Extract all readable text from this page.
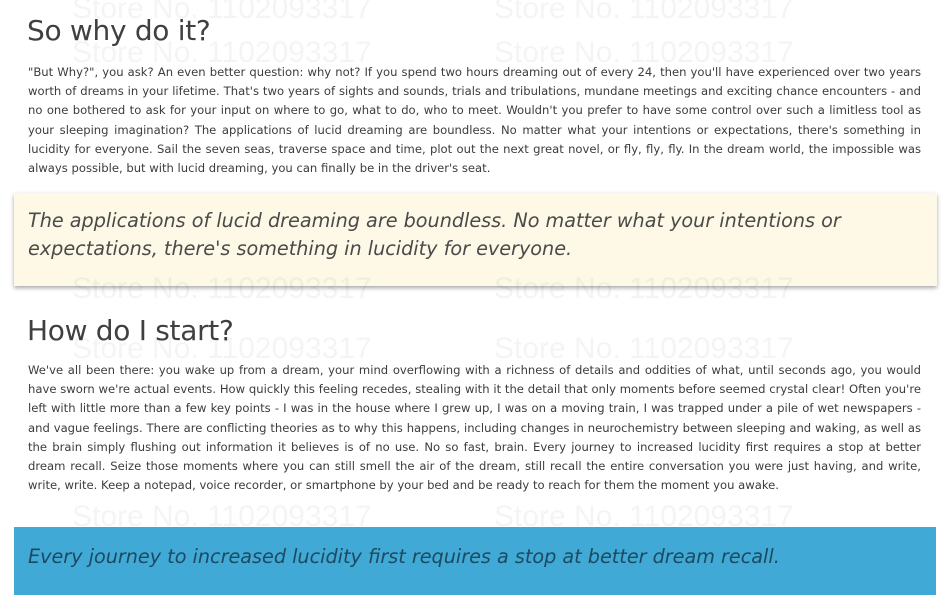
So why do it?

"But Why?", you ask? An even better question: why not? If you spend two hours dreaming out of every 24, then you'll have experienced over two years worth of dreams in your lifetime. That's two years of sights and sounds, trials and tribulations, mundane meetings and exciting chance encounters - and no one bothered to ask for your input on where to go, what to do, who to meet. Wouldn't you prefer to have some control over such a limitless tool as your sleeping imagination? The applications of lucid dreaming are boundless. No matter what your intentions or expectations, there's something in lucidity for everyone. Sail the seven seas, traverse space and time, plot out the next great novel, or fly, fly, fly. In the dream world, the impossible was always possible, but with lucid dreaming, you can finally be in the driver's seat.

The applications of lucid dreaming are boundless. No matter what your intentions or expectations, there's something in lucidity for everyone.
How do I start?

We've all been there: you wake up from a dream, your mind overflowing with a richness of details and oddities of what, until seconds ago, you would have sworn we're actual events. How quickly this feeling recedes, stealing with it the detail that only moments before seemed crystal clear! Often you're left with little more than a few key points - I was in the house where I grew up, I was on a moving train, I was trapped under a pile of wet newspapers - and vague feelings. There are conflicting theories as to why this happens, including changes in neurochemistry between sleeping and waking, as well as the brain simply flushing out information it believes is of no use. No so fast, brain. Every journey to increased lucidity first requires a stop at better dream recall. Seize those moments where you can still smell the air of the dream, still recall the entire conversation you were just having, and write, write, write. Keep a notepad, voice recorder, or smartphone by your bed and be ready to reach for them the moment you awake.

Every journey to increased lucidity first requires a stop at better dream recall.
